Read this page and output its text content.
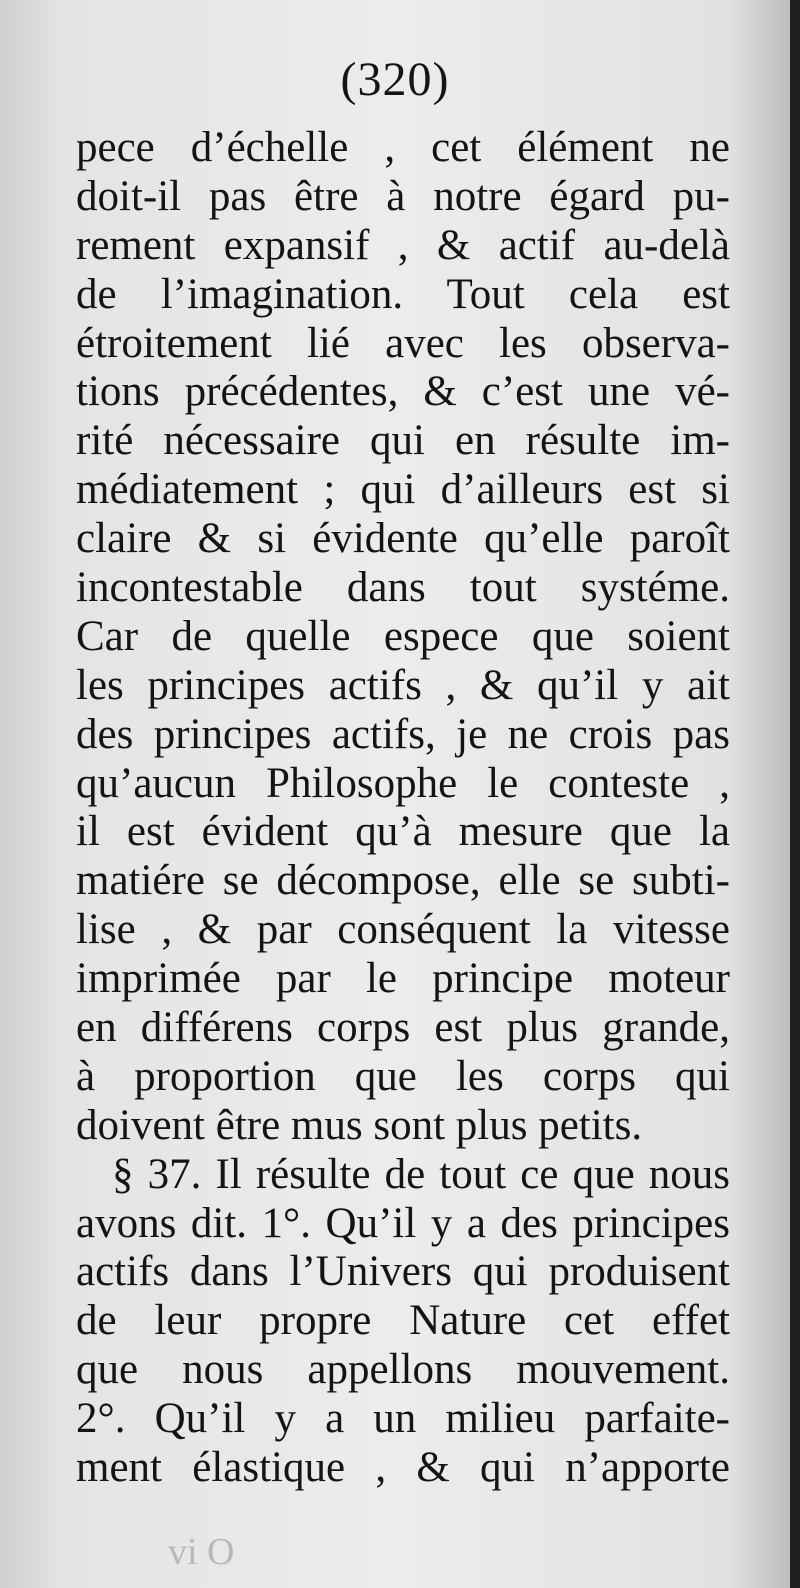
(320)
pece d’échelle , cet élément ne
doit-il pas être à notre égard pu-
rement expansif , & actif au-delà
de l’imagination. Tout cela est
étroitement lié avec les observa-
tions précédentes, & c’est une vé-
rité nécessaire qui en résulte im-
médiatement ; qui d’ailleurs est si
claire & si évidente qu’elle paroît
incontestable dans tout systéme.
Car de quelle espece que soient
les principes actifs , & qu’il y ait
des principes actifs, je ne crois pas
qu’aucun Philosophe le conteste ,
il est évident qu’à mesure que la
matiére se décompose, elle se subti-
lise , & par conséquent la vitesse
imprimée par le principe moteur
en différens corps est plus grande,
à proportion que les corps qui
doivent être mus sont plus petits.
§ 37. Il résulte de tout ce que nous
avons dit. 1°. Qu’il y a des principes
actifs dans l’Univers qui produisent
de leur propre Nature cet effet
que nous appellons mouvement.
2°. Qu’il y a un milieu parfaite-
ment élastique , & qui n’apporte
vi O
